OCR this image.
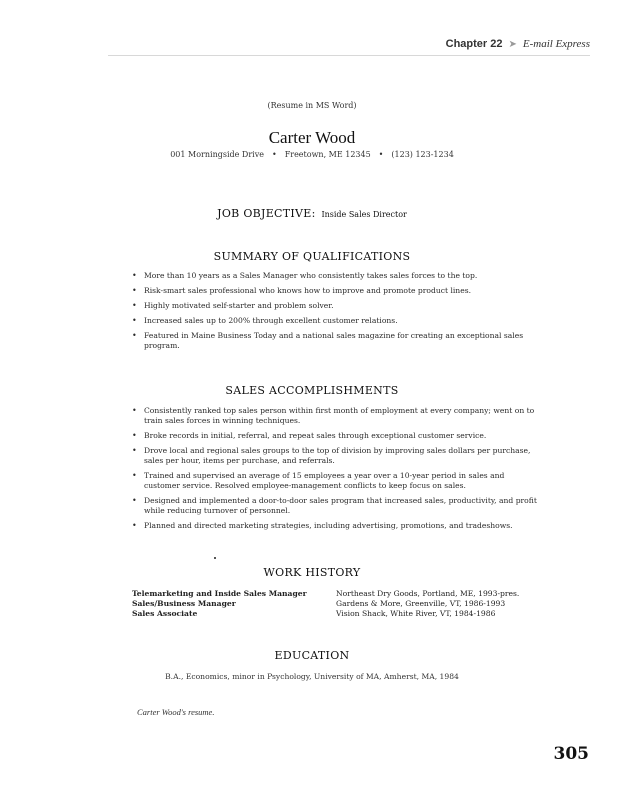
Chapter 22 ➤ E-mail Express
(Resume in MS Word)
Carter Wood
001 Morningside Drive • Freetown, ME 12345 • (123) 123-1234
JOB OBJECTIVE: Inside Sales Director
SUMMARY OF QUALIFICATIONS
• More than 10 years as a Sales Manager who consistently takes sales forces to the top.
• Risk-smart sales professional who knows how to improve and promote product lines.
• Highly motivated self-starter and problem solver.
• Increased sales up to 200% through excellent customer relations.
• Featured in Maine Business Today and a national sales magazine for creating an exceptional sales program.
SALES ACCOMPLISHMENTS
• Consistently ranked top sales person within first month of employment at every company; went on to train sales forces in winning techniques.
• Broke records in initial, referral, and repeat sales through exceptional customer service.
• Drove local and regional sales groups to the top of division by improving sales dollars per purchase, sales per hour, items per purchase, and referrals.
• Trained and supervised an average of 15 employees a year over a 10-year period in sales and customer service. Resolved employee-management conflicts to keep focus on sales.
• Designed and implemented a door-to-door sales program that increased sales, productivity, and profit while reducing turnover of personnel.
• Planned and directed marketing strategies, including advertising, promotions, and tradeshows.
WORK HISTORY
Telemarketing and Inside Sales Manager	Northeast Dry Goods, Portland, ME, 1993-pres.
Sales/Business Manager	Gardens & More, Greenville, VT, 1986-1993
Sales Associate	Vision Shack, White River, VT, 1984-1986
EDUCATION
B.A., Economics, minor in Psychology, University of MA, Amherst, MA, 1984
Carter Wood's resume.
305
